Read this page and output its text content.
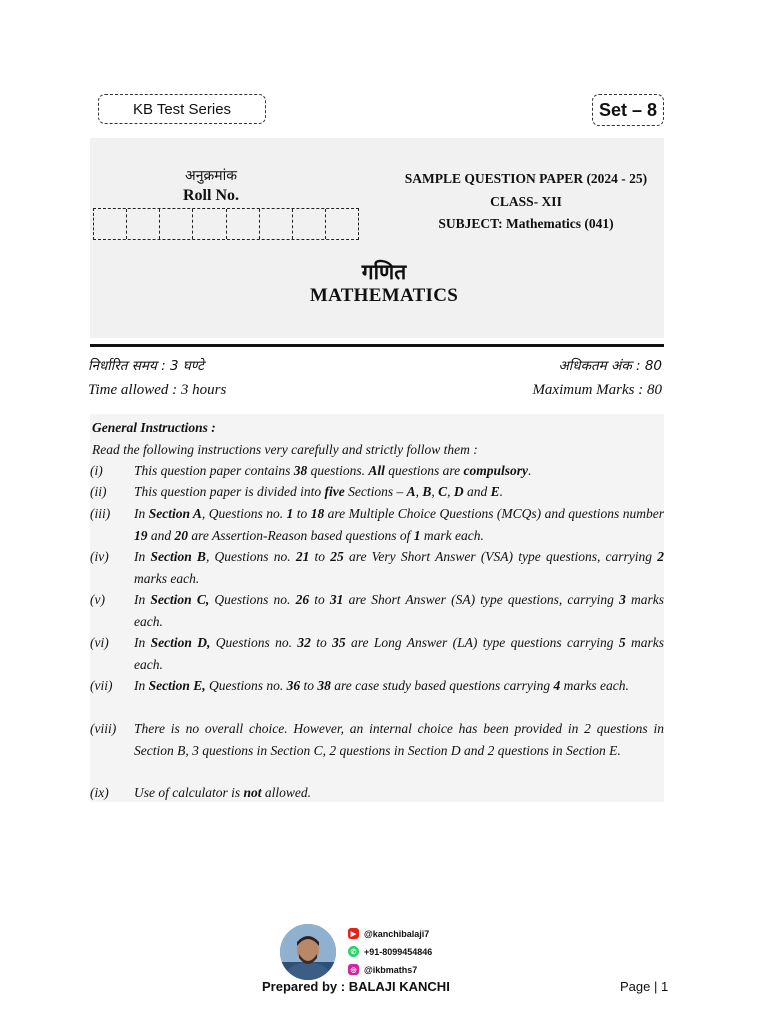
KB Test Series	Set – 8
अनुक्रमांक
Roll No.
SAMPLE QUESTION PAPER (2024 - 25)
CLASS- XII
SUBJECT: Mathematics (041)
गणित
MATHEMATICS
निर्धारित समय : 3 घण्टे	अधिकतम अंक : 80
Time allowed : 3 hours	Maximum Marks : 80
General Instructions :
Read the following instructions very carefully and strictly follow them :
(i)	This question paper contains 38 questions. All questions are compulsory.
(ii)	This question paper is divided into five Sections – A, B, C, D and E.
(iii)	In Section A, Questions no. 1 to 18 are Multiple Choice Questions (MCQs) and questions number 19 and 20 are Assertion-Reason based questions of 1 mark each.
(iv)	In Section B, Questions no. 21 to 25 are Very Short Answer (VSA) type questions, carrying 2 marks each.
(v)	In Section C, Questions no. 26 to 31 are Short Answer (SA) type questions, carrying 3 marks each.
(vi)	In Section D, Questions no. 32 to 35 are Long Answer (LA) type questions carrying 5 marks each.
(vii)	In Section E, Questions no. 36 to 38 are case study based questions carrying 4 marks each.
(viii)	There is no overall choice. However, an internal choice has been provided in 2 questions in Section B, 3 questions in Section C, 2 questions in Section D and 2 questions in Section E.
(ix)	Use of calculator is not allowed.
▶ @kanchibalaji7
✆ +91-8099454846
◎ @ikbmaths7
Prepared by : BALAJI KANCHI	Page | 1
